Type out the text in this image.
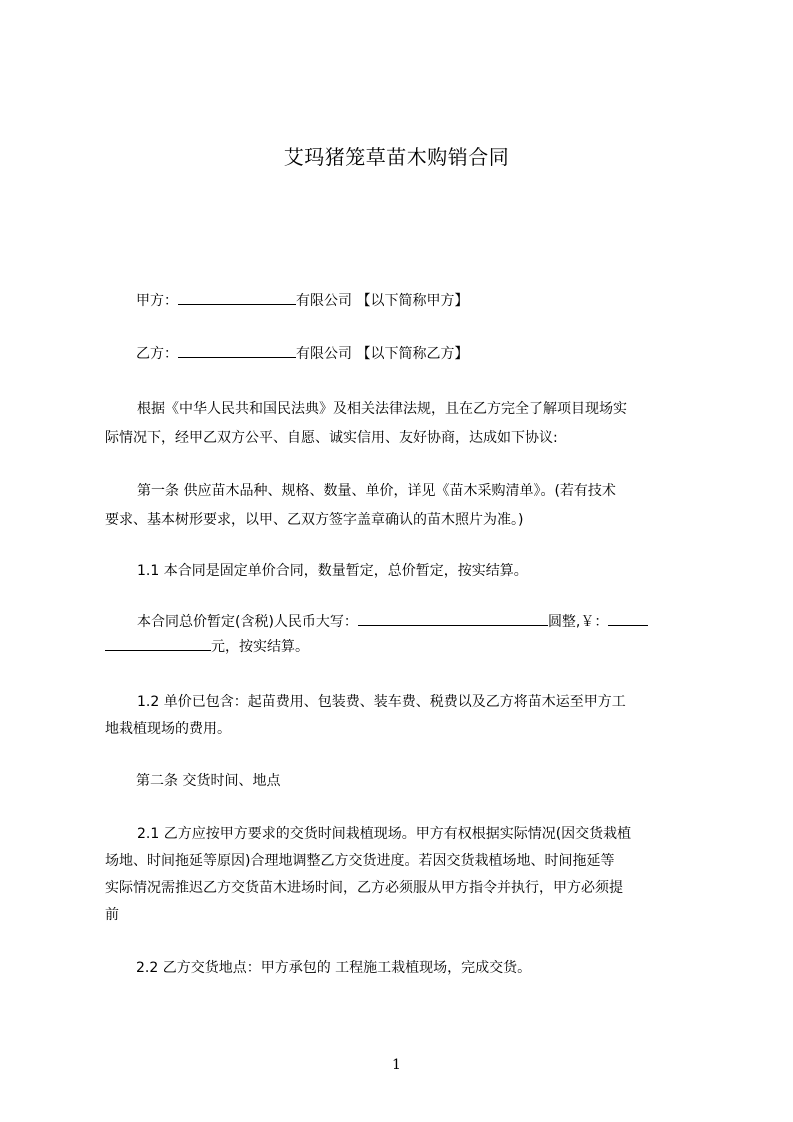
艾玛猪笼草苗木购销合同
甲方：	有限公司 【以下简称甲方】
乙方：	有限公司 【以下简称乙方】
根据《中华人民共和国民法典》及相关法律法规，且在乙方完全了解项目现场实
际情况下，经甲乙双方公平、自愿、诚实信用、友好协商，达成如下协议:
第一条 供应苗木品种、规格、数量、单价，详见《苗木采购清单》。(若有技术
要求、基本树形要求，以甲、乙双方签字盖章确认的苗木照片为准。)
1.1 本合同是固定单价合同，数量暂定，总价暂定，按实结算。
本合同总价暂定(含税)人民币大写：	圆整,￥：
元，按实结算。
1.2 单价已包含：起苗费用、包装费、装车费、税费以及乙方将苗木运至甲方工
地栽植现场的费用。
第二条 交货时间、地点
2.1 乙方应按甲方要求的交货时间栽植现场。甲方有权根据实际情况(因交货栽植
场地、时间拖延等原因)合理地调整乙方交货进度。若因交货栽植场地、时间拖延等
实际情况需推迟乙方交货苗木进场时间，乙方必须服从甲方指令并执行，甲方必须提
前
2.2 乙方交货地点：甲方承包的 工程施工栽植现场，完成交货。
1
